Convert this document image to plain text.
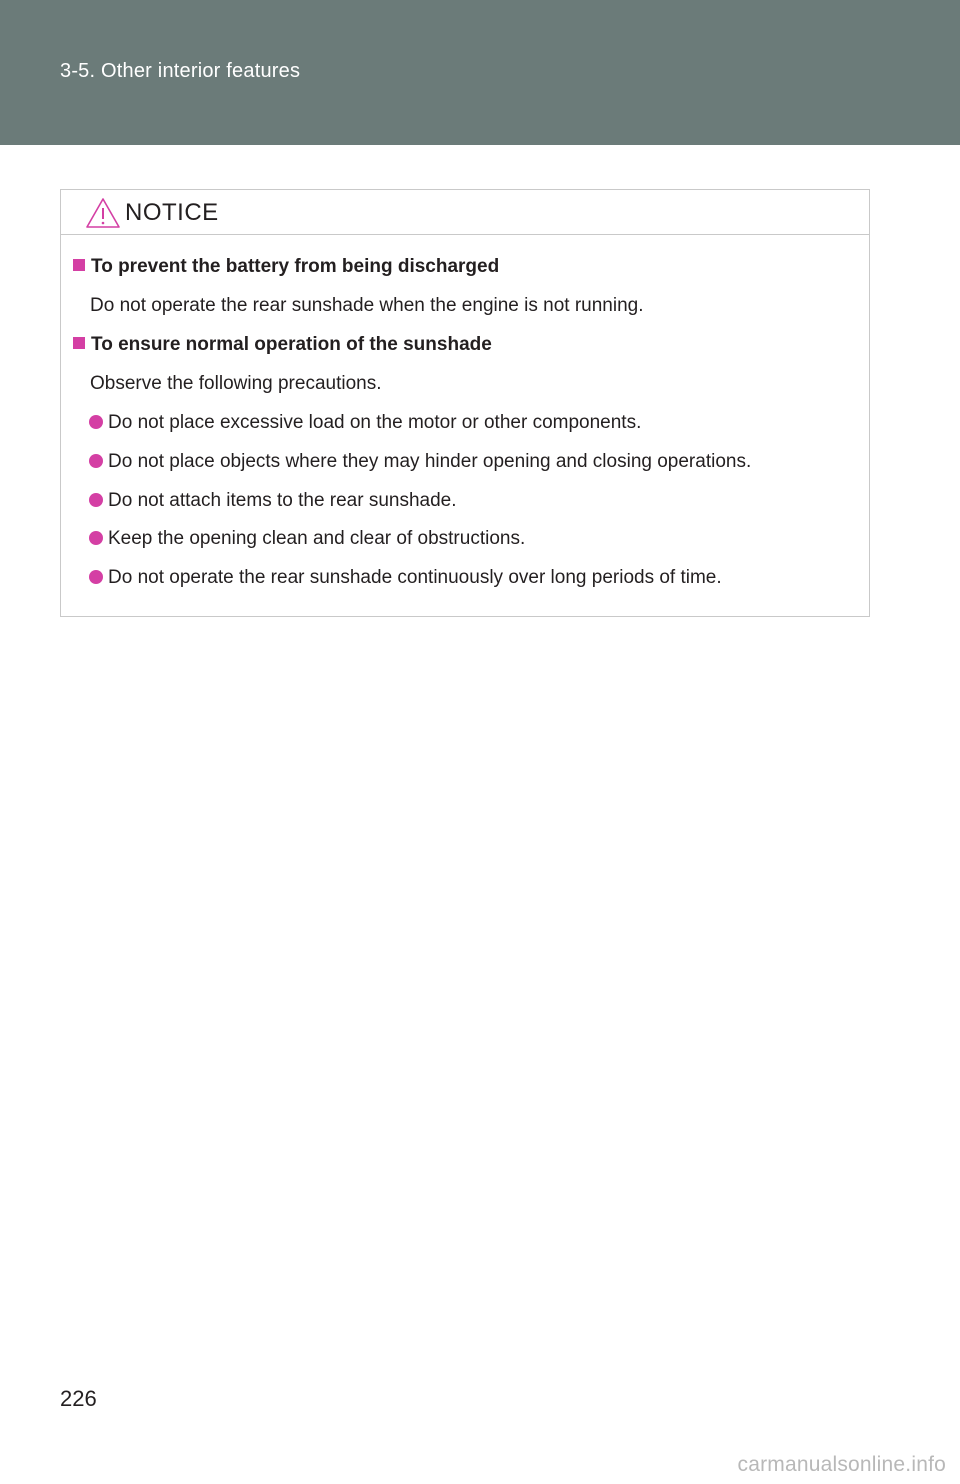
3-5. Other interior features
NOTICE
To prevent the battery from being discharged
Do not operate the rear sunshade when the engine is not running.
To ensure normal operation of the sunshade
Observe the following precautions.
Do not place excessive load on the motor or other components.
Do not place objects where they may hinder opening and closing operations.
Do not attach items to the rear sunshade.
Keep the opening clean and clear of obstructions.
Do not operate the rear sunshade continuously over long periods of time.
226
carmanualsonline.info
